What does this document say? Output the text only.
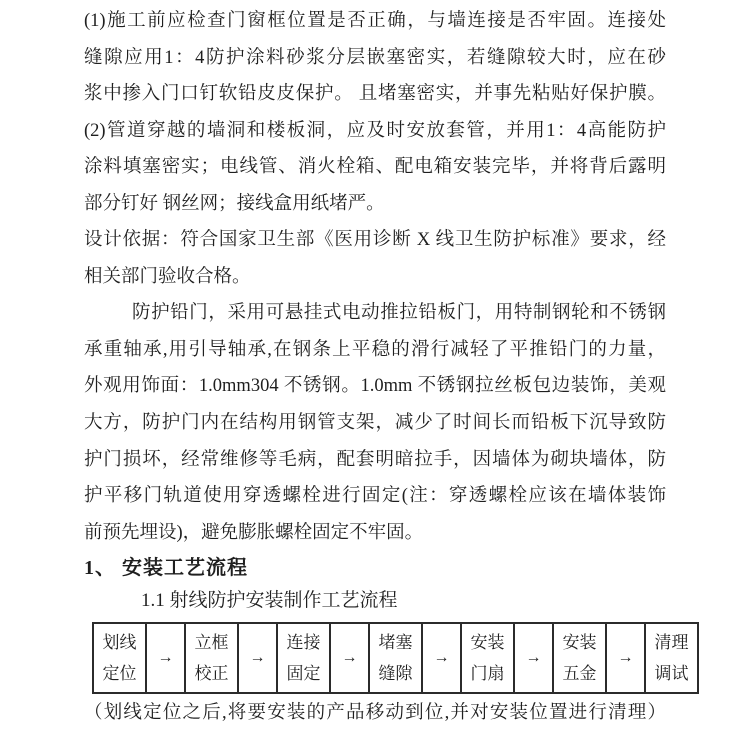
(1)施工前应检查门窗框位置是否正确，与墙连接是否牢固。连接处
缝隙应用1：4防护涂料砂浆分层嵌塞密实，若缝隙较大时，应在砂
浆中掺入门口钉软铅皮皮保护。 且堵塞密实，并事先粘贴好保护膜。
(2)管道穿越的墙洞和楼板洞，应及时安放套管，并用1：4高能防护
涂料填塞密实；电线管、消火栓箱、配电箱安装完毕，并将背后露明
部分钉好 钢丝网；接线盒用纸堵严。
设计依据：符合国家卫生部《医用诊断 X 线卫生防护标准》要求，经
相关部门验收合格。
防护铅门，采用可悬挂式电动推拉铅板门，用特制钢轮和不锈钢
承重轴承,用引导轴承,在钢条上平稳的滑行减轻了平推铅门的力量，
外观用饰面：1.0mm304 不锈钢。1.0mm 不锈钢拉丝板包边装饰，美观
大方，防护门内在结构用钢管支架，减少了时间长而铅板下沉导致防
护门损坏，经常维修等毛病，配套明暗拉手，因墙体为砌块墙体，防
护平移门轨道使用穿透螺栓进行固定(注：穿透螺栓应该在墙体装饰
前预先埋设)，避免膨胀螺栓固定不牢固。
1、 安装工艺流程
1.1 射线防护安装制作工艺流程
划线
定位
	→	
立框
校正
	→	
连接
固定
	→	
堵塞
缝隙
	→	
安装
门扇
	→	
安装
五金
	→	
清理
调试
（划线定位之后,将要安装的产品移动到位,并对安装位置进行清理）
